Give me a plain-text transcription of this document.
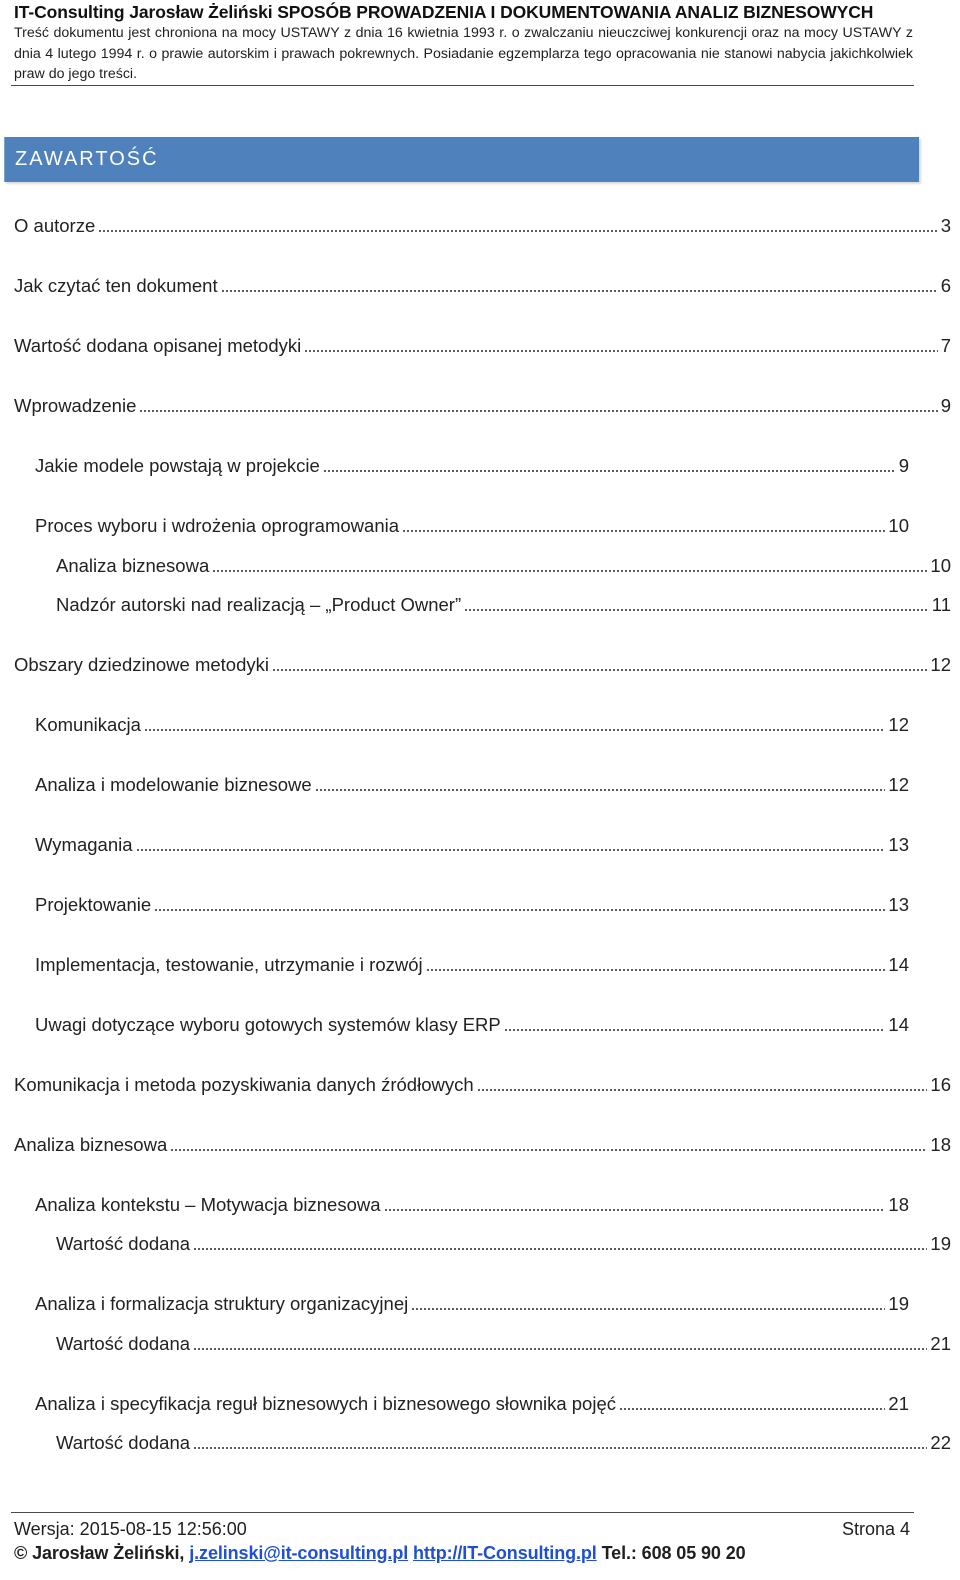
IT-Consulting Jarosław Żeliński SPOSÓB PROWADZENIA I DOKUMENTOWANIA ANALIZ BIZNESOWYCH
Treść dokumentu jest chroniona na mocy USTAWY z dnia 16 kwietnia 1993 r. o zwalczaniu nieuczciwej konkurencji oraz na mocy USTAWY z dnia 4 lutego 1994 r. o prawie autorskim i prawach pokrewnych. Posiadanie egzemplarza tego opracowania nie stanowi nabycia jakichkolwiek praw do jego treści.
ZAWARTOŚĆ
O autorze	3
Jak czytać ten dokument	6
Wartość dodana opisanej metodyki	7
Wprowadzenie	9
Jakie modele powstają w projekcie	9
Proces wyboru i wdrożenia oprogramowania	10
Analiza biznesowa	10
Nadzór autorski nad realizacją – „Product Owner”	11
Obszary dziedzinowe metodyki	12
Komunikacja	12
Analiza i modelowanie biznesowe	12
Wymagania	13
Projektowanie	13
Implementacja, testowanie, utrzymanie i rozwój	14
Uwagi dotyczące wyboru gotowych systemów klasy ERP	14
Komunikacja i metoda pozyskiwania danych źródłowych	16
Analiza biznesowa	18
Analiza kontekstu – Motywacja biznesowa	18
Wartość dodana	19
Analiza i formalizacja struktury organizacyjnej	19
Wartość dodana	21
Analiza i specyfikacja reguł biznesowych i biznesowego słownika pojęć	21
Wartość dodana	22
Wersja: 2015-08-15 12:56:00	Strona 4
© Jarosław Żeliński, j.zelinski@it-consulting.pl http://IT-Consulting.pl Tel.: 608 05 90 20
